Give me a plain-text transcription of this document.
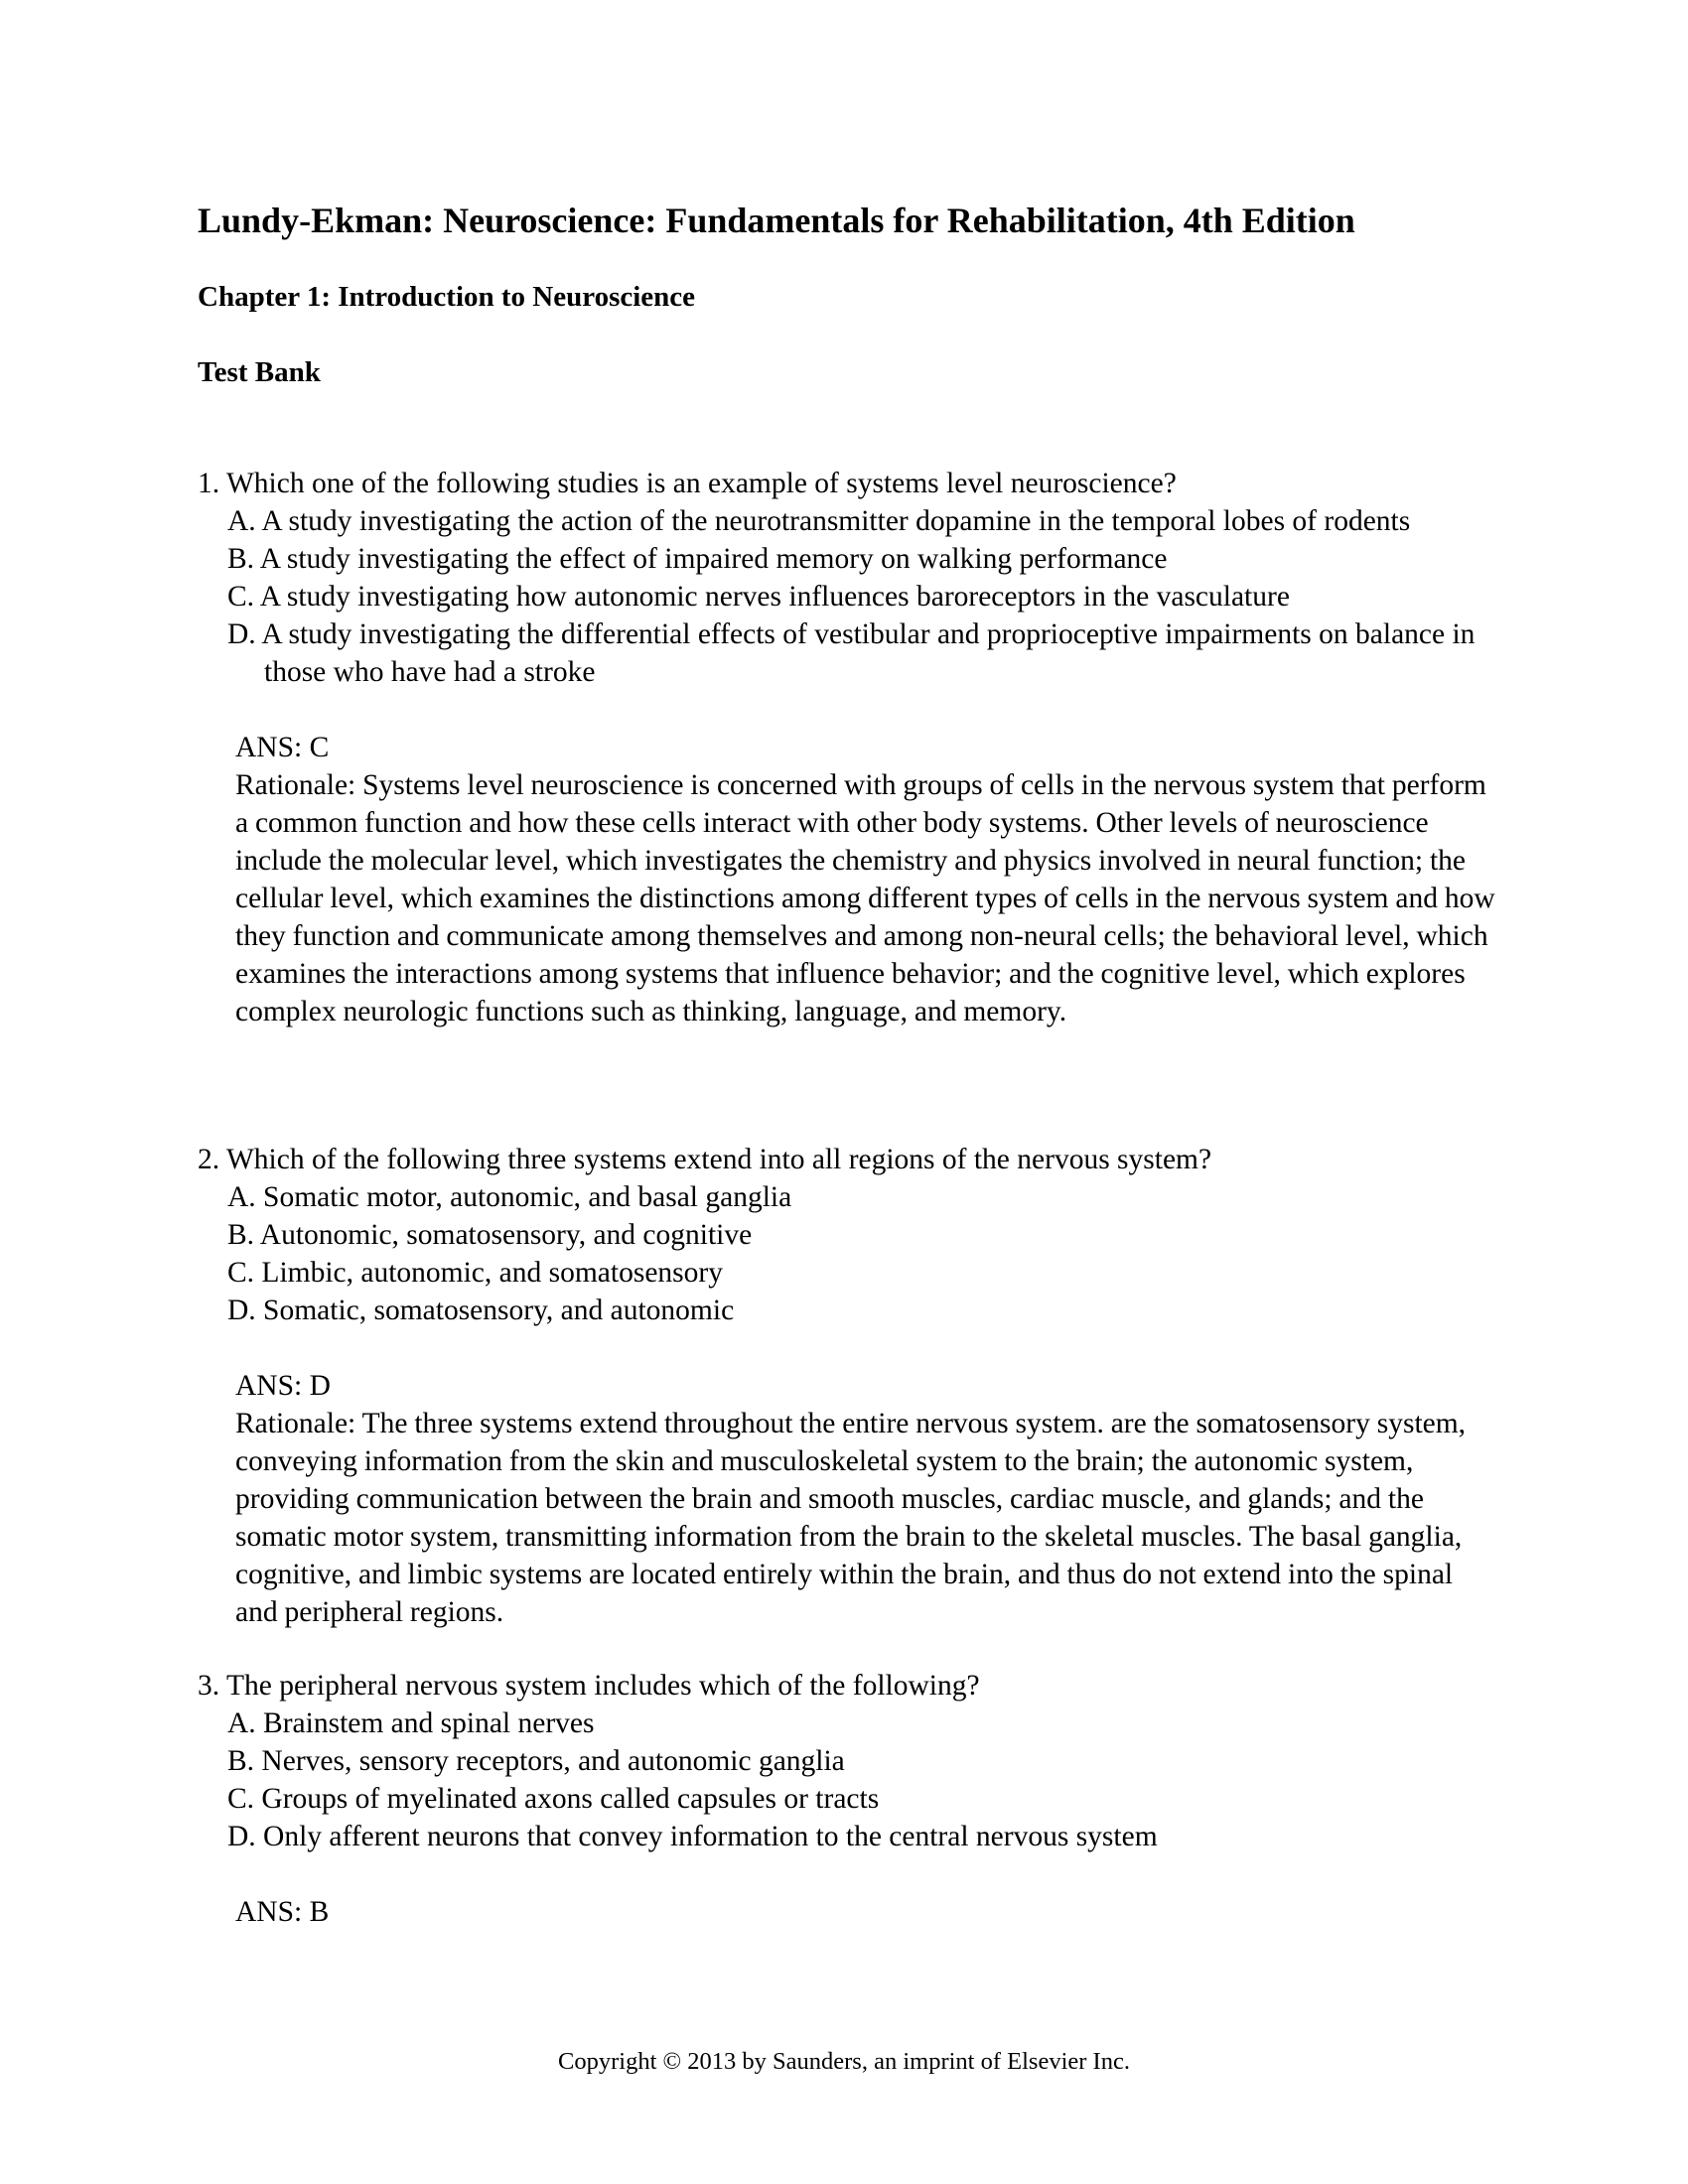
Lundy-Ekman: Neuroscience: Fundamentals for Rehabilitation, 4th Edition
Chapter 1: Introduction to Neuroscience
Test Bank
1. Which one of the following studies is an example of systems level neuroscience?
A. A study investigating the action of the neurotransmitter dopamine in the temporal lobes of rodents
B. A study investigating the effect of impaired memory on walking performance
C. A study investigating how autonomic nerves influences baroreceptors in the vasculature
D. A study investigating the differential effects of vestibular and proprioceptive impairments on balance in those who have had a stroke
ANS: C
Rationale: Systems level neuroscience is concerned with groups of cells in the nervous system that perform a common function and how these cells interact with other body systems. Other levels of neuroscience include the molecular level, which investigates the chemistry and physics involved in neural function; the cellular level, which examines the distinctions among different types of cells in the nervous system and how they function and communicate among themselves and among non-neural cells; the behavioral level, which examines the interactions among systems that influence behavior; and the cognitive level, which explores complex neurologic functions such as thinking, language, and memory.
2. Which of the following three systems extend into all regions of the nervous system?
A. Somatic motor, autonomic, and basal ganglia
B. Autonomic, somatosensory, and cognitive
C. Limbic, autonomic, and somatosensory
D. Somatic, somatosensory, and autonomic
ANS: D
Rationale: The three systems extend throughout the entire nervous system. are the somatosensory system, conveying information from the skin and musculoskeletal system to the brain; the autonomic system, providing communication between the brain and smooth muscles, cardiac muscle, and glands; and the somatic motor system, transmitting information from the brain to the skeletal muscles. The basal ganglia, cognitive, and limbic systems are located entirely within the brain, and thus do not extend into the spinal and peripheral regions.
3. The peripheral nervous system includes which of the following?
A. Brainstem and spinal nerves
B. Nerves, sensory receptors, and autonomic ganglia
C. Groups of myelinated axons called capsules or tracts
D. Only afferent neurons that convey information to the central nervous system
ANS: B
Copyright © 2013 by Saunders, an imprint of Elsevier Inc.
